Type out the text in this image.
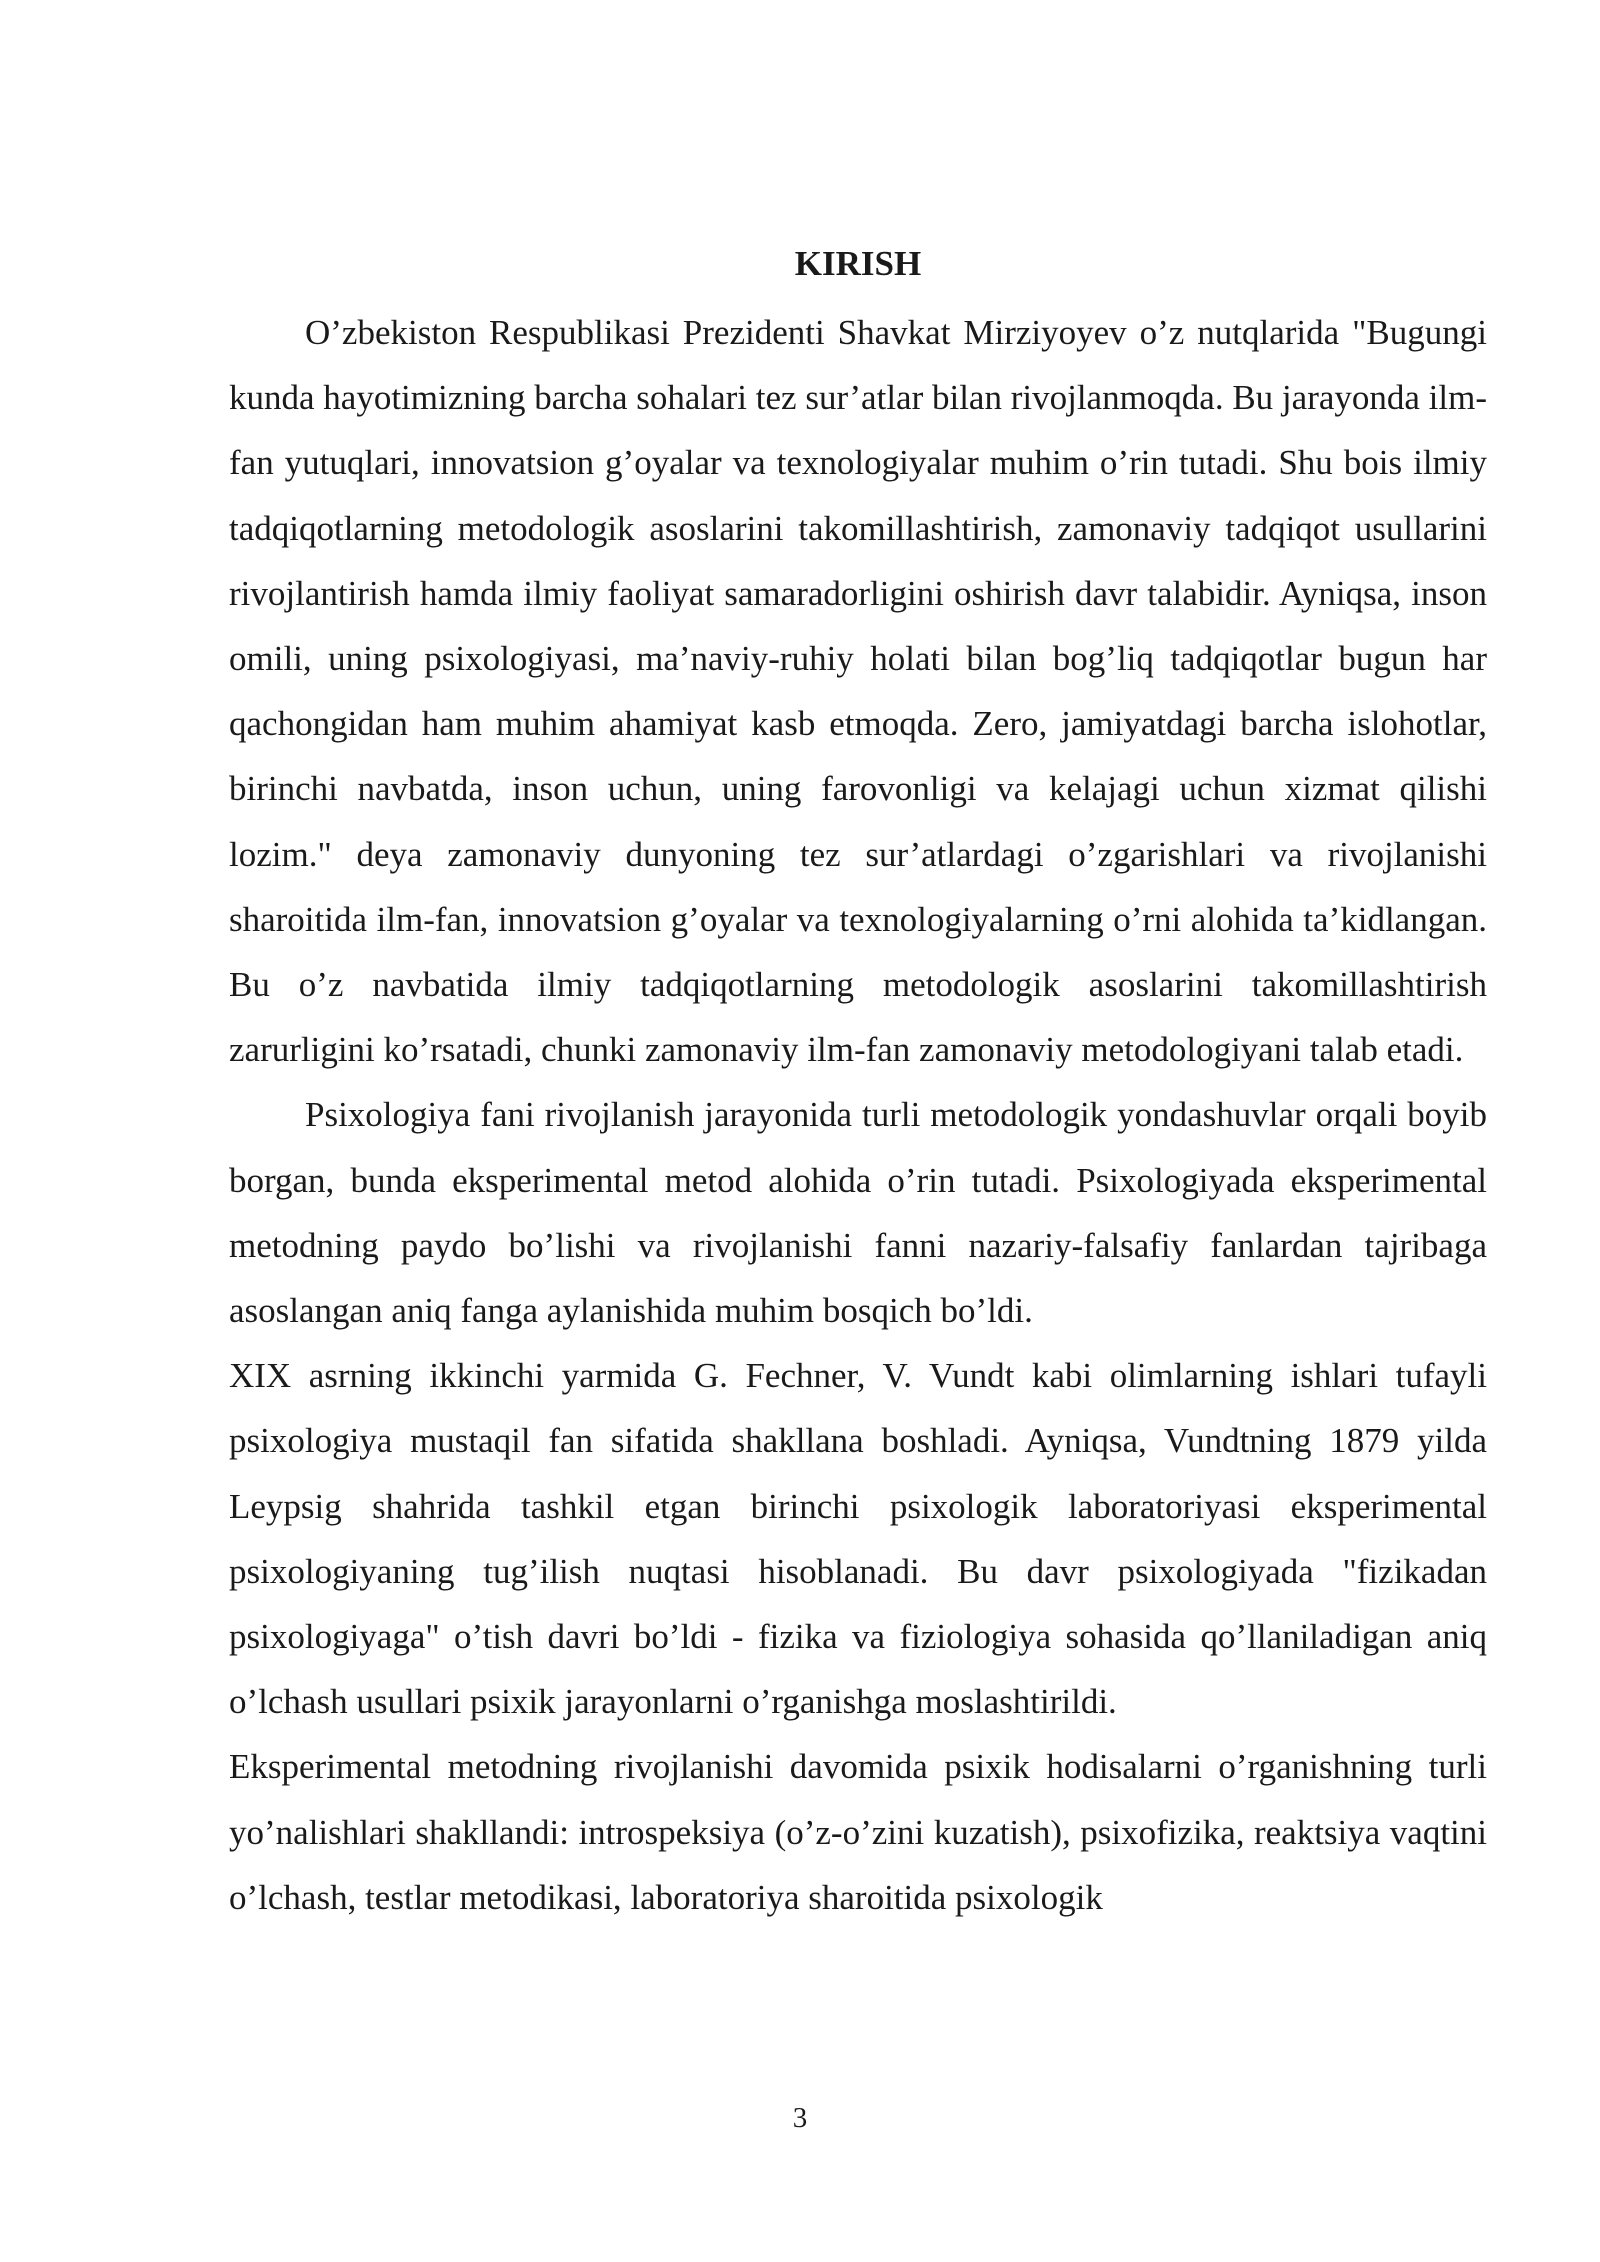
KIRISH

O’zbekiston Respublikasi Prezidenti Shavkat Mirziyoyev o’z nutqlarida "Bugungi kunda hayotimizning barcha sohalari tez sur’atlar bilan rivojlanmoqda. Bu jarayonda ilm-fan yutuqlari, innovatsion g’oyalar va texnologiyalar muhim o’rin tutadi. Shu bois ilmiy tadqiqotlarning metodologik asoslarini takomillashtirish, zamonaviy tadqiqot usullarini rivojlantirish hamda ilmiy faoliyat samaradorligini oshirish davr talabidir. Ayniqsa, inson omili, uning psixologiyasi, ma’naviy-ruhiy holati bilan bog’liq tadqiqotlar bugun har qachongidan ham muhim ahamiyat kasb etmoqda. Zero, jamiyatdagi barcha islohotlar, birinchi navbatda, inson uchun, uning farovonligi va kelajagi uchun xizmat qilishi lozim." deya zamonaviy dunyoning tez sur’atlardagi o’zgarishlari va rivojlanishi sharoitida ilm-fan, innovatsion g’oyalar va texnologiyalarning o’rni alohida ta’kidlangan. Bu o’z navbatida ilmiy tadqiqotlarning metodologik asoslarini takomillashtirish zarurligini ko’rsatadi, chunki zamonaviy ilm-fan zamonaviy metodologiyani talab etadi.

Psixologiya fani rivojlanish jarayonida turli metodologik yondashuvlar orqali boyib borgan, bunda eksperimental metod alohida o’rin tutadi. Psixologiyada eksperimental metodning paydo bo’lishi va rivojlanishi fanni nazariy-falsafiy fanlardan tajribaga asoslangan aniq fanga aylanishida muhim bosqich bo’ldi.

XIX asrning ikkinchi yarmida G. Fechner, V. Vundt kabi olimlarning ishlari tufayli psixologiya mustaqil fan sifatida shakllana boshladi. Ayniqsa, Vundtning 1879 yilda Leypsig shahrida tashkil etgan birinchi psixologik laboratoriyasi eksperimental psixologiyaning tug’ilish nuqtasi hisoblanadi. Bu davr psixologiyada "fizikadan psixologiyaga" o’tish davri bo’ldi - fizika va fiziologiya sohasida qo’llaniladigan aniq o’lchash usullari psixik jarayonlarni o’rganishga moslashtirildi.

Eksperimental metodning rivojlanishi davomida psixik hodisalarni o’rganishning turli yo’nalishlari shakllandi: introspeksiya (o’z-o’zini kuzatish), psixofizika, reaktsiya vaqtini o’lchash, testlar metodikasi, laboratoriya sharoitida psixologik

3
